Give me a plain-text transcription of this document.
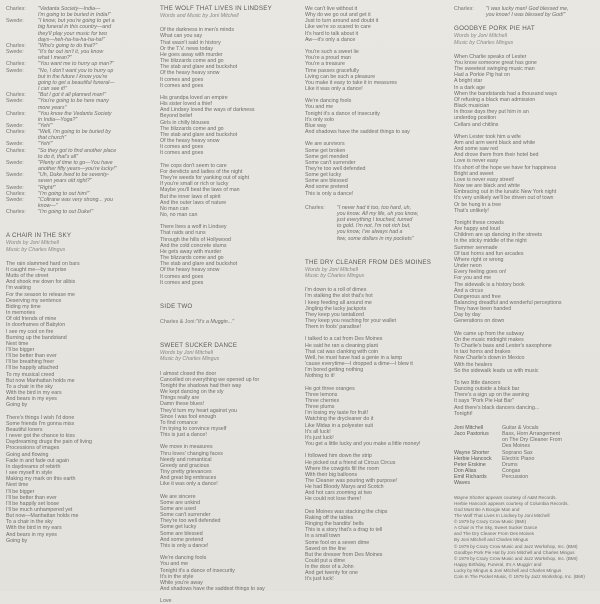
Charles:	"Vedanta Society—India—
I'm going to be buried in India!"
Swede:	"I know, but you're going to get a
big funeral in this country—and
they'll play your music for two
days—heh-ha-ha-ha-ha-ha!"
Charles:	"Who's going to do that?"
Swede:	"It's far out isn't it, you know
what I mean?"
Charles:	"You want me to hurry up man?"
Swede:	"No, I don't want you to hurry up
but in the future I know you're
going to get a beautiful funeral—
I can see it!"
Charles:	"But I got it all planned man!"
Swede:	"You're going to be here many
more years"
Charles:	"You know the Vedanta Society
in India—Yoga?"
Swede:	"Yeh!"
Charles:	"Well, I'm going to be buried by
that church"
Swede:	"Yeh!"
Charles:	"So they got to find another place
to do it, that's all"
Swede:	"Plenty of time to go—You have
another fifty years—you're lucky!"
Swede:	"Uh, Duke lived to be seventy-
seven years old right?"
Swede:	"Right!"
Charles:	"I'm going to out him!"
Swede:	"Coltrane was very strong... you
know—"
Charles:	"I'm going to out Duke!"
A CHAIR IN THE SKY
Words by Joni Mitchell
Music by Charles Mingus
The rain slammed hard on bars
It caught me—by surprise
Mutts of the street
And shook me down for alibis
I'm waiting
For the season to release me
Deserving my sentence
Biding my time
In memories
Of old friends of mine
In doorframes of Babylon
I see my cool on fire
Burning up the bandstand
Next time
I'll be bigger
I'll be better than ever
I'll be breathing freer
I'll be happily attached
To my musical creed
But now Manhattan holds me
To a chair in the sky
With the bird in my ears
And bears in my eyes
Going by
There's things I wish I'd done
Some friends I'm gonna miss
Beautiful loners
I never got the chance to kiss
Daydreaming drugs the pain of living
Processions of images
Going and flowing
Fade in and fade out again
In daydreams of rebirth
I see myself in style
Making my mark on this earth
Next time
I'll be bigger
I'll be better than ever
I'll be happily set loose
I'll be much unhampered yet
But now—Manhattan holds me
To a chair in the sky
With the bird in my ears
And bears in my eyes
Going by
THE WOLF THAT LIVES IN LINDSEY
Words and Music by Joni Mitchell
Of the darkness in men's minds
What can you say
That wasn't said in history
Or the T.V. news today
He goes away with murder
The blizzards come and go
The stab and glare and buckshot
Of the heavy heavy snow
It comes and goes
It comes and goes
His grandpa loved an empire
His sister loved a thief
And Lindsey loved the ways of darkness
Beyond belief
Girls in chilly blouses
The blizzards come and go
The stab and glare and buckshot
Of the heavy heavy snow
It comes and goes
It comes and goes
The cops don't seem to care
For derelicts and ladies of the night
They're weeds for yanking out of sight
If you're small or rich or lucky
Maybe you'll beat the laws of man
But the inner laws of spirit
And the outer laws of nature
No man can
No, no man can
There lives a wolf in Lindsey
That raids and runs
Through the hills of Hollywood
And the cold concrete slums
He gets away with murder
The blizzards come and go
The stab and glare and buckshot
Of the heavy heavy snow
It comes and goes
It comes and goes
SIDE TWO
Charles & Joni: "It's a Muggin..."
SWEET SUCKER DANCE
Words by Joni Mitchell
Music by Charles Mingus
I almost closed the door
Cancelled on everything we opened up for
Tonight the shadows had their way
We kept dancing on the sly
Things really are
Damn these blues!
They'd turn my heart against you
Since I was fool enough
To find romance
I'm trying to convince myself
This is just a dance!
We move in measures
Thru loves' changing faces
Needy and romantical
Greedy and gracious
Tiny pretty grievances
And great big embraces
Like it was only a dance!
We are sincere
Some are unkind
Some are used
Some can't surrender
They're too well defended
Some get lucky
Some are blessed
And some pretend
This is only a dance!
We're dancing fools
You and me
Tonight it's a dance of insecurity
It's in the style
While you're away
And shadows have the saddest things to say
Love
We can't live without it
Why do we go out and get it
Just to turn around and doubt it
Like we're so scared to care
It's hard to talk about it
Aw—it's only a dance
You're such a sweet lie
You're a proud man
You're a treasure
Time passes gracefully
Living can be such a pleasure
You make it easy to take it in measures
Like it was only a dance!
We're dancing fools
You and me
Tonight it's a dance of insecurity
It's only solo
Blue way
And shadows have the saddest things to say
We are survivors
Some get broken
Some get mended
Some can't surrender
They're too well defended
Some get lucky
Some are blessed
And some pretend
This is only a dance!
Charles:	"I never had it too, too hard, uh,
you know. All my life, uh you know,
just everything I touched, turned
to gold. I'm not, I'm not rich but,
you know, I've always had a
few, some dollars in my pockets"
THE DRY CLEANER FROM DES MOINES
Words by Joni Mitchell
Music by Charles Mingus
I'm down to a roll of dimes
I'm stalking the slot that's hot
I keep feeding all around me
Jingling the lucky jackpots
They keep you tantalized
They keep you reaching for your wallet
Them in fools' paradise!
I talked to a cat from Des Moines
He said he ran a cleaning plant
That cat was clanking with coin
Well, he must have had a genie in a lamp
'cause everytime—I dropped a dime—I blew it
I'm bored getting nothing
Nothing to it!
He got three oranges
Three lemons
Three cherries
Three plums
I'm losing my taste for fruit!
Watching the drycleaner do it
Like Midas in a polyester suit
It's all luck!
It's just luck!
You get a little lucky and you make a little money!
I followed him down the strip
He picked out a friend at Circus Circus
Where the cowgirls fill the room
With their big balloons
The Cleaner was pouring with purpose!
He had Bloody Marys and Scotch
And hot cars zooming at two
He could not lose there!
Des Moines was stacking the chips
Raking off the tables
Ringing the bandits' bells
This is a story that's a drag to tell
In a small town
Some fool on a seven dime
Saved on the line
But the dresser from Des Moines
Could put a dime
In the door of a John
And get twenty for one
It's just luck!
Charles:	"I was lucky man! God blessed me,
you know! I was blessed by God!"
GOODBYE PORK PIE HAT
Words by Joni Mitchell
Music by Charles Mingus
When Charlie speaks of Lester
You know someone great has gone
The sweetest swinging music man
Had a Porkie Pig hat on
A bright star
In a dark age
When the bandstands had a thousand ways
Of refusing a black man admission
Black musician
In those days they put him in an
underdog position
Cellars and chitlins
When Lester took him a wife
Arm and arm went black and white
And some saw red
And drove them from their hotel bed
Love is never easy
It's short of the hope we have for happiness
Bright and sweet
Love is never easy street!
Now we are black and white
Embracing out in the lunatic New York night
It's very unlikely we'll be driven out of town
Or be hung in a tree
That's unlikely!
Tonight these crowds
Are happy and loud
Children are up dancing in the streets
In the sticky middle of the night
Summer serenade
Of taxi horns and fun arcades
Where right or wrong
Under neon
Every feeling goes on!
For you and me
The sidewalk is a history book
And a circus
Dangerous and free
Balancing dreadful and wonderful perceptions
They have been handed
Day by day
Generations on down
We came up from the subway
On the music midnight makes
To Charlie's bass and Lester's saxophone
In taxi horns and brakes
Now Charlie's down in Mexico
With the healers
So the sidewalk leads us with music
To two little dancers
Dancing outside a black bar
There's a sign up on the awning
It says "Pork Pie Hat Bar"
And there's black dancers dancing...
Tonight!
Joni Mitchell	Guitar & Vocals
Jaco Pastorius	Bass, Horn Arrangement
on The Dry Cleaner From
Des Moines
Wayne Shorter	Soprano Sax
Herbie Hancock	Electric Piano
Peter Erskine	Drums
Don Alias	Congas
Emil Richards	Percussion
Waves
Wayne Shorter appears courtesy of A&M Records.
Herbie Hancock appears courtesy of Columbia Records.
God Must Be A Boogie Man and
The Wolf That Lives In Lindsey by Joni Mitchell
© 1979 by Crazy Crow Music (BMI)
A Chair In The Sky, Sweet Sucker Dance
and The Dry Cleaner From Des Moines
By Joni Mitchell and Charles Mingus
© 1979 by Crazy Crow Music and Jazz Workshop, Inc. (BMI)
Goodbye Pork Pie Hat by Joni Mitchell and Charles Mingus
© 1979 by Crazy Crow Music and Jazz Workshop, Inc. (BMI)
Happy Birthday, Funeral, It's A Muggin' and
Lucky by Mingus & Joni Mitchell and Charles Mingus
Coin In The Pocket Music, © 1979 by Jazz Workshop, Inc. (BMI)
